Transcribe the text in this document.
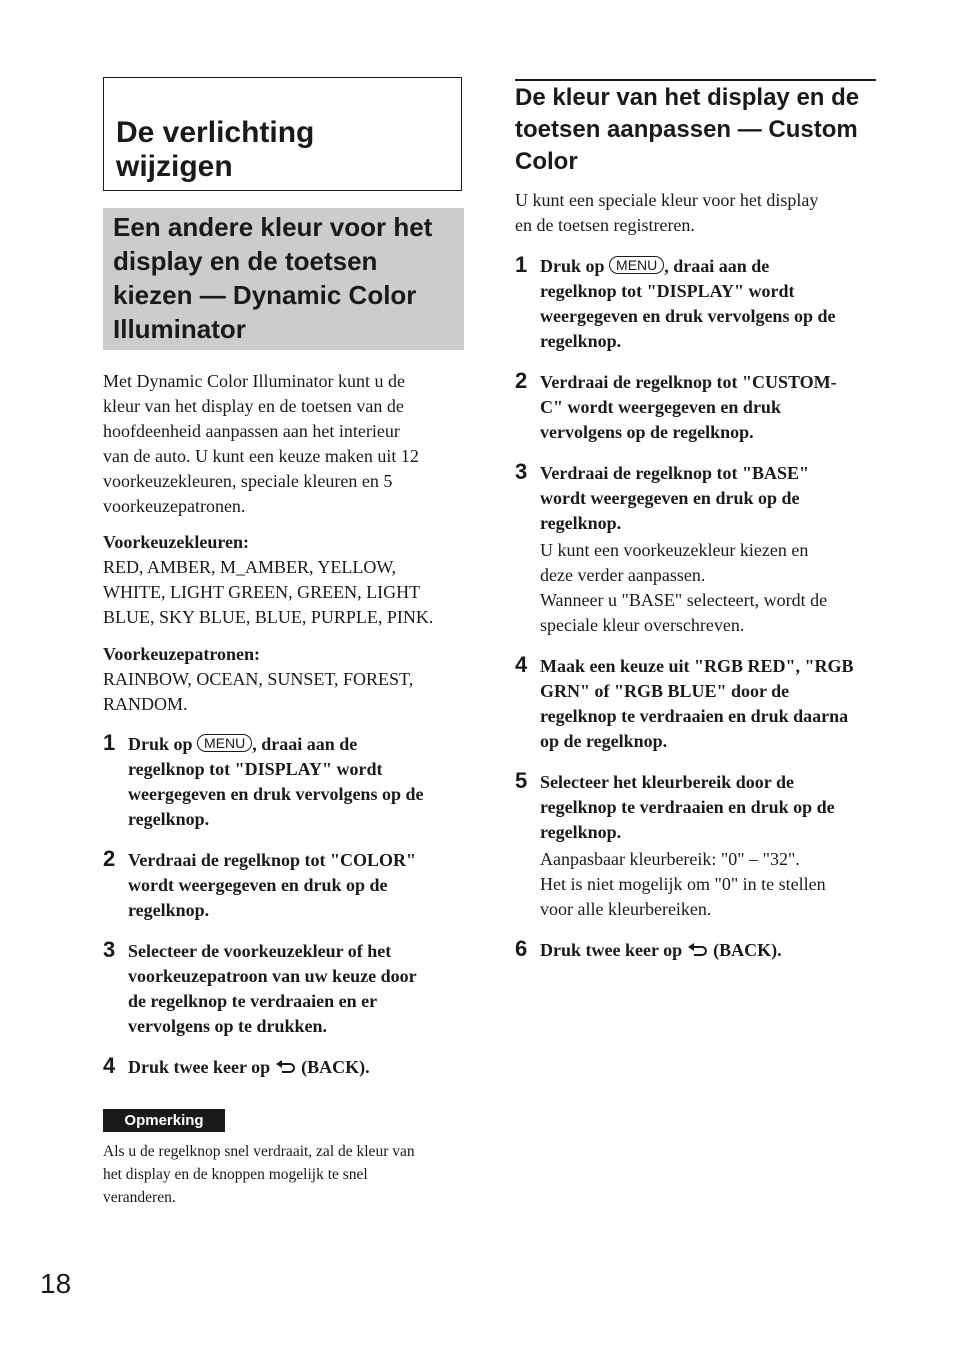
De verlichting
wijzigen
Een andere kleur voor het
display en de toetsen
kiezen — Dynamic Color
Illuminator

Met Dynamic Color Illuminator kunt u de
kleur van het display en de toetsen van de
hoofdeenheid aanpassen aan het interieur
van de auto. U kunt een keuze maken uit 12
voorkeuzekleuren, speciale kleuren en 5
voorkeuzepatronen.

Voorkeuzekleuren:
RED, AMBER, M_AMBER, YELLOW,
WHITE, LIGHT GREEN, GREEN, LIGHT
BLUE, SKY BLUE, BLUE, PURPLE, PINK.

Voorkeuzepatronen:
RAINBOW, OCEAN, SUNSET, FOREST,
RANDOM.

1 Druk op MENU , draai aan de
regelknop tot "DISPLAY" wordt
weergegeven en druk vervolgens op de
regelknop.

2 Verdraai de regelknop tot "COLOR"
wordt weergegeven en druk op de
regelknop.

3 Selecteer de voorkeuzekleur of het
voorkeuzepatroon van uw keuze door
de regelknop te verdraaien en er
vervolgens op te drukken.

4 Druk twee keer op  (BACK).

Opmerking

Als u de regelknop snel verdraait, zal de kleur van
het display en de knoppen mogelijk te snel
veranderen.

De kleur van het display en de
toetsen aanpassen — Custom
Color

U kunt een speciale kleur voor het display
en de toetsen registreren.

1 Druk op MENU , draai aan de
regelknop tot "DISPLAY" wordt
weergegeven en druk vervolgens op de
regelknop.

2 Verdraai de regelknop tot "CUSTOM-
C" wordt weergegeven en druk
vervolgens op de regelknop.

3 Verdraai de regelknop tot "BASE"
wordt weergegeven en druk op de
regelknop.

U kunt een voorkeuzekleur kiezen en
deze verder aanpassen.
Wanneer u "BASE" selecteert, wordt de
speciale kleur overschreven.

4 Maak een keuze uit "RGB RED", "RGB
GRN" of "RGB BLUE" door de
regelknop te verdraaien en druk daarna
op de regelknop.

5 Selecteer het kleurbereik door de
regelknop te verdraaien en druk op de
regelknop.

Aanpasbaar kleurbereik: "0" – "32".
Het is niet mogelijk om "0" in te stellen
voor alle kleurbereiken.

6 Druk twee keer op  (BACK).

18
